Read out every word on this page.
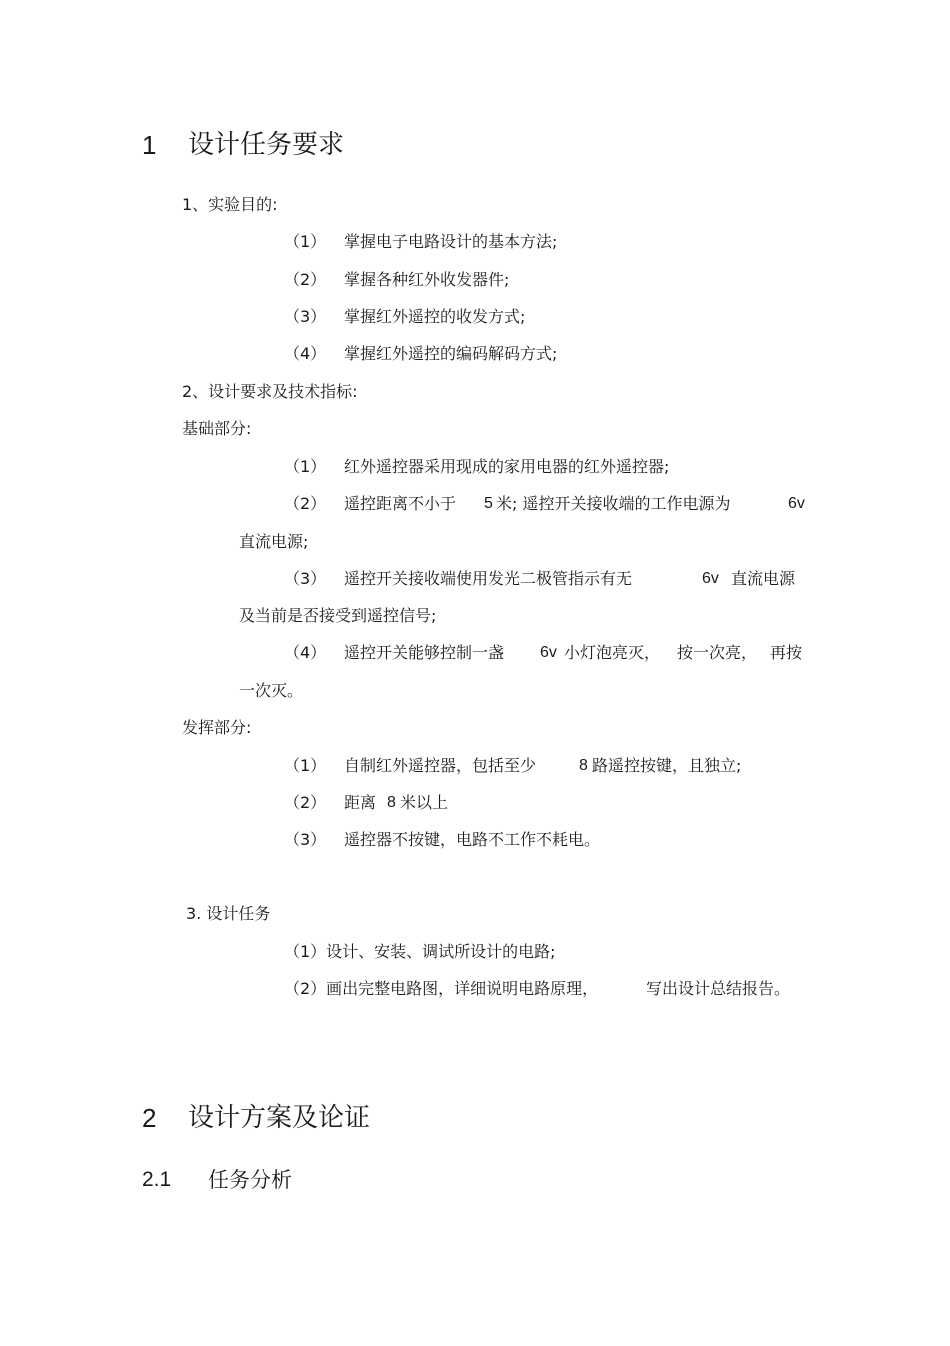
1 设计任务要求
1、实验目的:
（1） 掌握电子电路设计的基本方法;
（2） 掌握各种红外收发器件;
（3） 掌握红外遥控的收发方式;
（4） 掌握红外遥控的编码解码方式;
2、设计要求及技术指标:
基础部分:
（1） 红外遥控器采用现成的家用电器的红外遥控器;
（2） 遥控距离不小于 5 米; 遥控开关接收端的工作电源为	6v
直流电源;
（3） 遥控开关接收端使用发光二极管指示有无	6v 直流电源
及当前是否接受到遥控信号;
（4） 遥控开关能够控制一盏 6v 小灯泡亮灭， 按一次亮， 再按
一次灭。
发挥部分:
（1） 自制红外遥控器，包括至少	8 路遥控按键，且独立;
（2） 距离 8 米以上
（3） 遥控器不按键，电路不工作不耗电。
3. 设计任务
（1）设计、安装、调试所设计的电路;
（2）画出完整电路图，详细说明电路原理，	写出设计总结报告。
2 设计方案及论证
2.1 任务分析
